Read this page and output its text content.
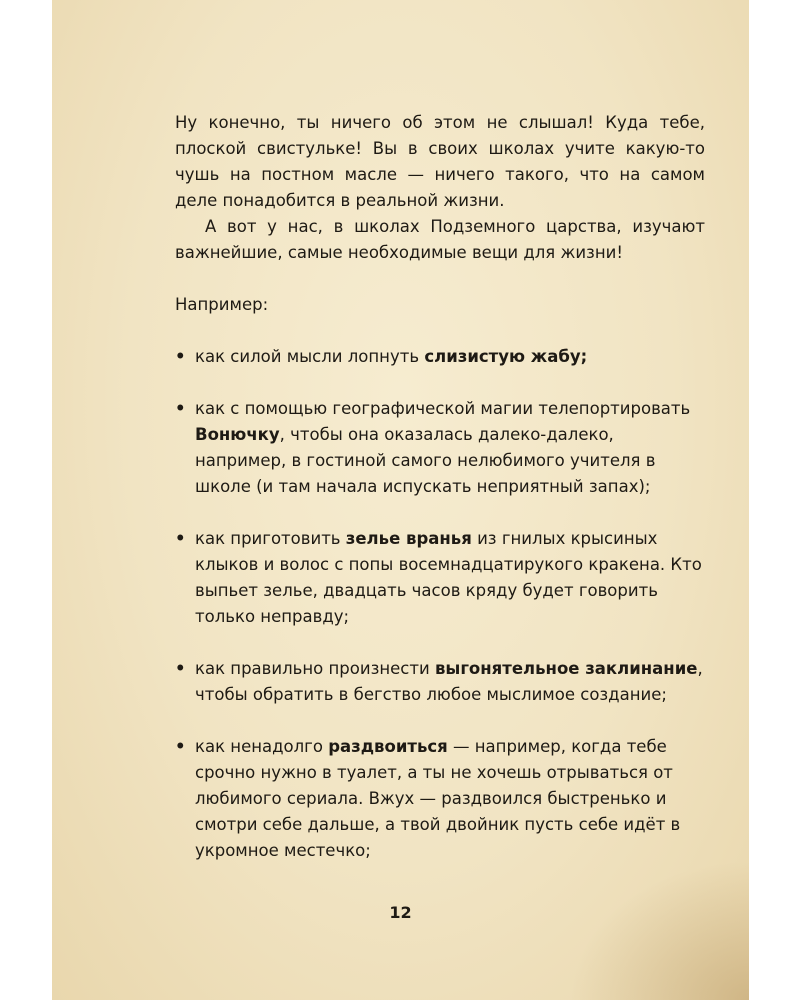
Ну конечно, ты ничего об этом не слышал! Куда тебе, плоской свистульке! Вы в своих школах учите какую-то чушь на постном масле — ничего такого, что на самом деле понадобится в реальной жизни.

А вот у нас, в школах Подземного царства, изучают важнейшие, самые необходимые вещи для жизни!

Например:

• как силой мысли лопнуть слизистую жабу;
• как с помощью географической магии телепортировать Вонючку, чтобы она оказалась далеко-далеко, например, в гостиной самого нелюбимого учителя в школе (и там начала испускать неприятный запах);
• как приготовить зелье вранья из гнилых крысиных клыков и волос с попы восемнадцатирукого кракена. Кто выпьет зелье, двадцать часов кряду будет говорить только неправду;
• как правильно произнести выгонятельное заклинание, чтобы обратить в бегство любое мыслимое создание;
• как ненадолго раздвоиться — например, когда тебе срочно нужно в туалет, а ты не хочешь отрываться от любимого сериала. Вжух — раздвоился быстренько и смотри себе дальше, а твой двойник пусть себе идёт в укромное местечко;
12
